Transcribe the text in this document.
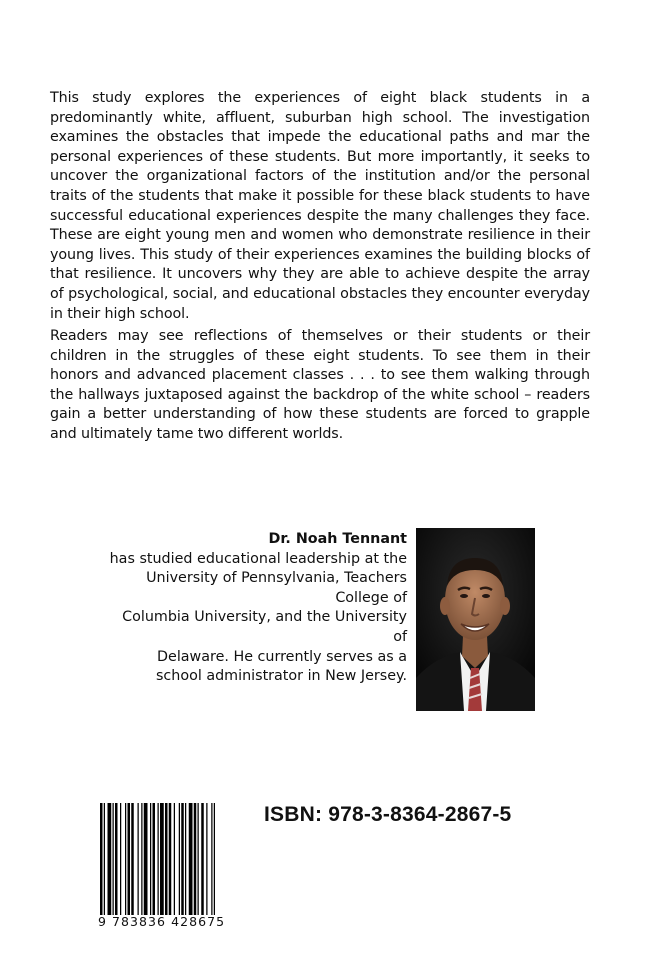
This study explores the experiences of eight black students in a predominantly white, affluent, suburban high school. The investigation examines the obstacles that impede the educational paths and mar the personal experiences of these students. But more importantly, it seeks to uncover the organizational factors of the institution and/or the personal traits of the students that make it possible for these black students to have successful educational experiences despite the many challenges they face. These are eight young men and women who demonstrate resilience in their young lives. This study of their experiences examines the building blocks of that resilience. It uncovers why they are able to achieve despite the array of psychological, social, and educational obstacles they encounter everyday in their high school.
Readers may see reflections of themselves or their students or their children in the struggles of these eight students. To see them in their honors and advanced placement classes . . . to see them walking through the hallways juxtaposed against the backdrop of the white school – readers gain a better understanding of how these students are forced to grapple and ultimately tame two different worlds.
Dr. Noah Tennant
has studied educational leadership at the
University of Pennsylvania, Teachers College of
Columbia University, and the University of
Delaware. He currently serves as a
school administrator in New Jersey.
9 783836 428675
ISBN: 978-3-8364-2867-5
